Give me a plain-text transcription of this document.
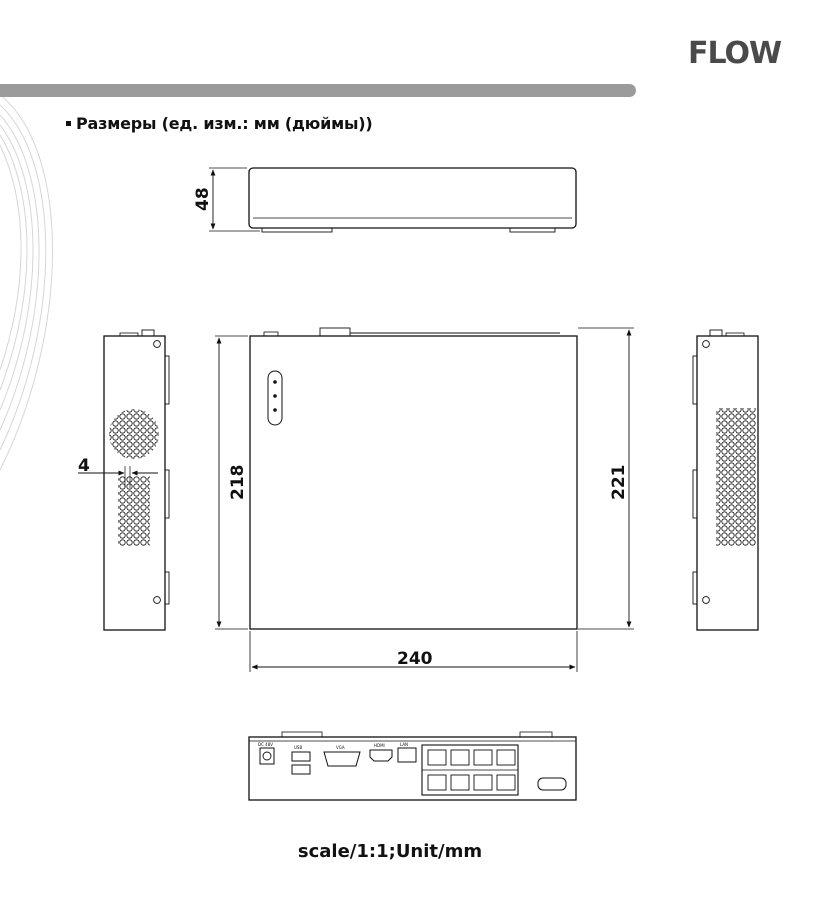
FLOW
Размеры (ед. изм.: мм (дюймы))
48
4	218	221
240
DC 48V
USB	VGA	HDMI	LAN
scale/1:1;Unit/mm
